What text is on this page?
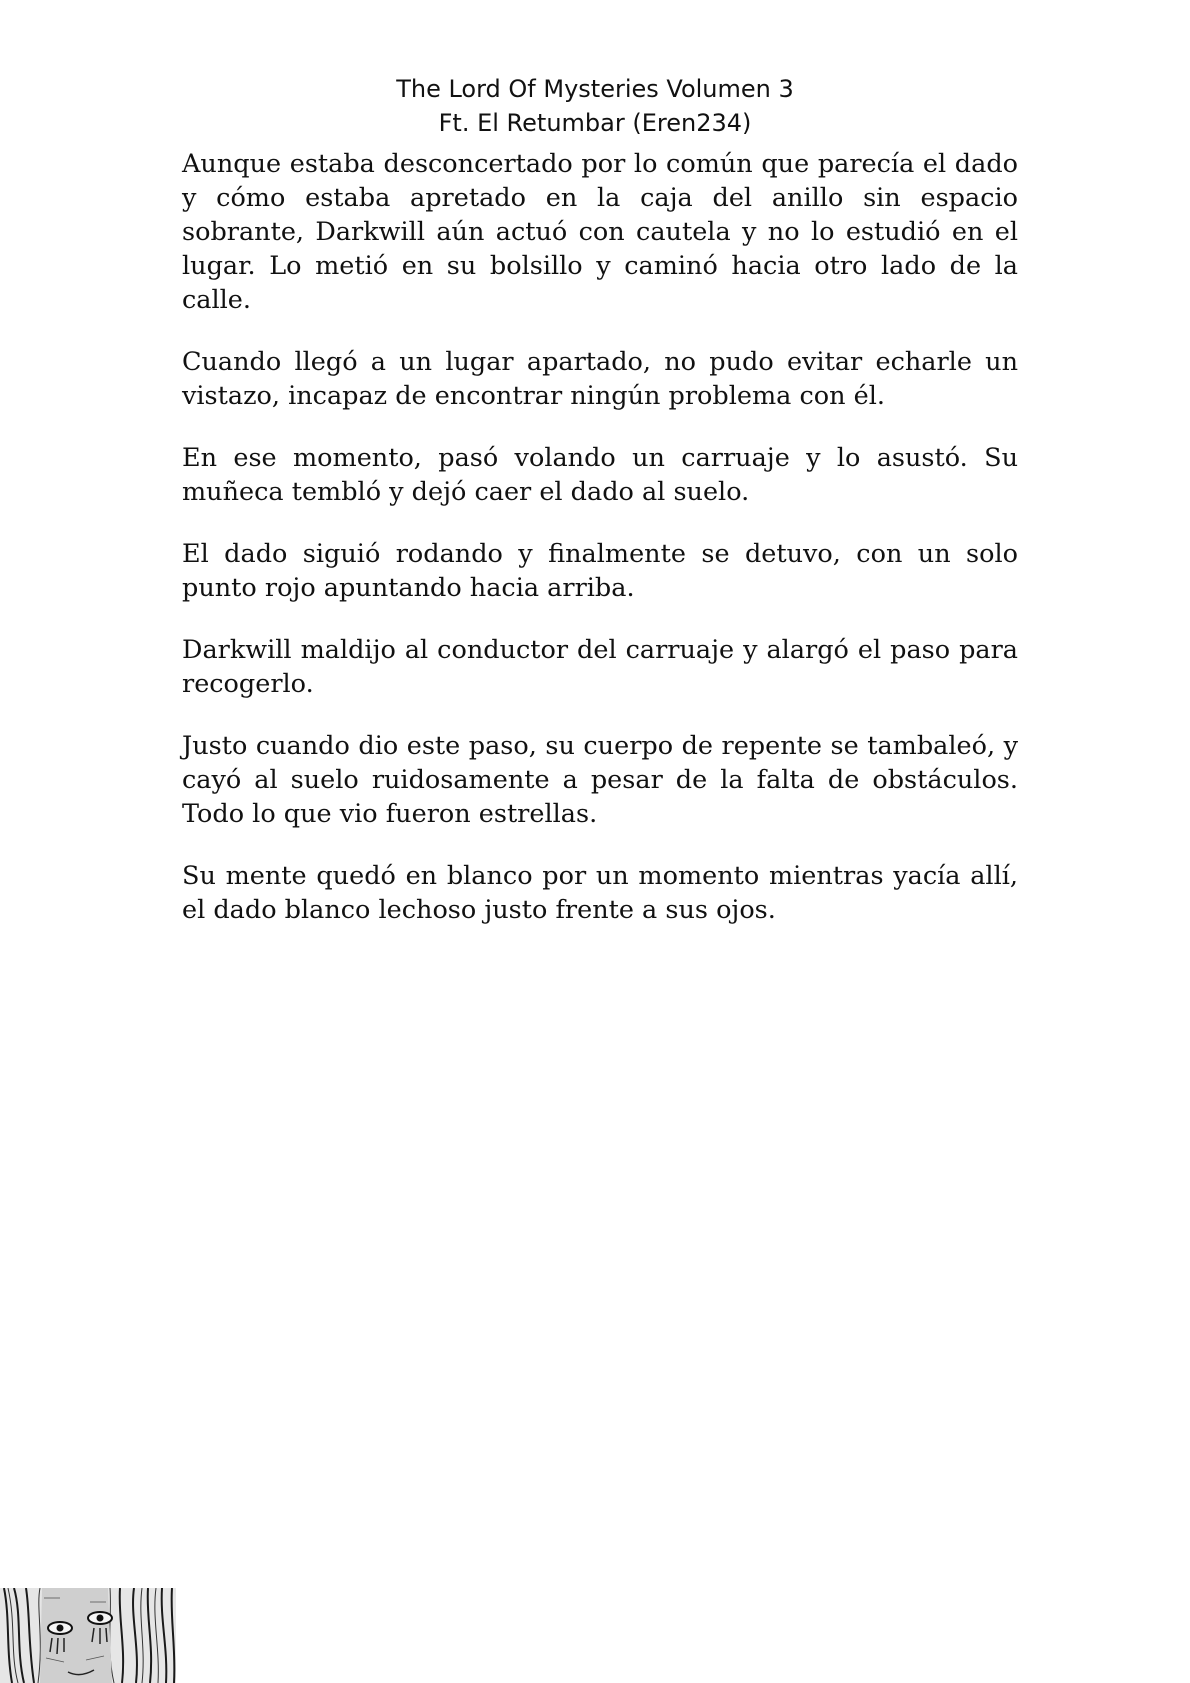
The Lord Of Mysteries Volumen 3
Ft. El Retumbar (Eren234)

Aunque estaba desconcertado por lo común que parecía el dado y cómo estaba apretado en la caja del anillo sin espacio sobrante, Darkwill aún actuó con cautela y no lo estudió en el lugar. Lo metió en su bolsillo y caminó hacia otro lado de la calle.

Cuando llegó a un lugar apartado, no pudo evitar echarle un vistazo, incapaz de encontrar ningún problema con él.

En ese momento, pasó volando un carruaje y lo asustó. Su muñeca tembló y dejó caer el dado al suelo.

El dado siguió rodando y finalmente se detuvo, con un solo punto rojo apuntando hacia arriba.

Darkwill maldijo al conductor del carruaje y alargó el paso para recogerlo.

Justo cuando dio este paso, su cuerpo de repente se tambaleó, y cayó al suelo ruidosamente a pesar de la falta de obstáculos. Todo lo que vio fueron estrellas.

Su mente quedó en blanco por un momento mientras yacía allí, el dado blanco lechoso justo frente a sus ojos.
